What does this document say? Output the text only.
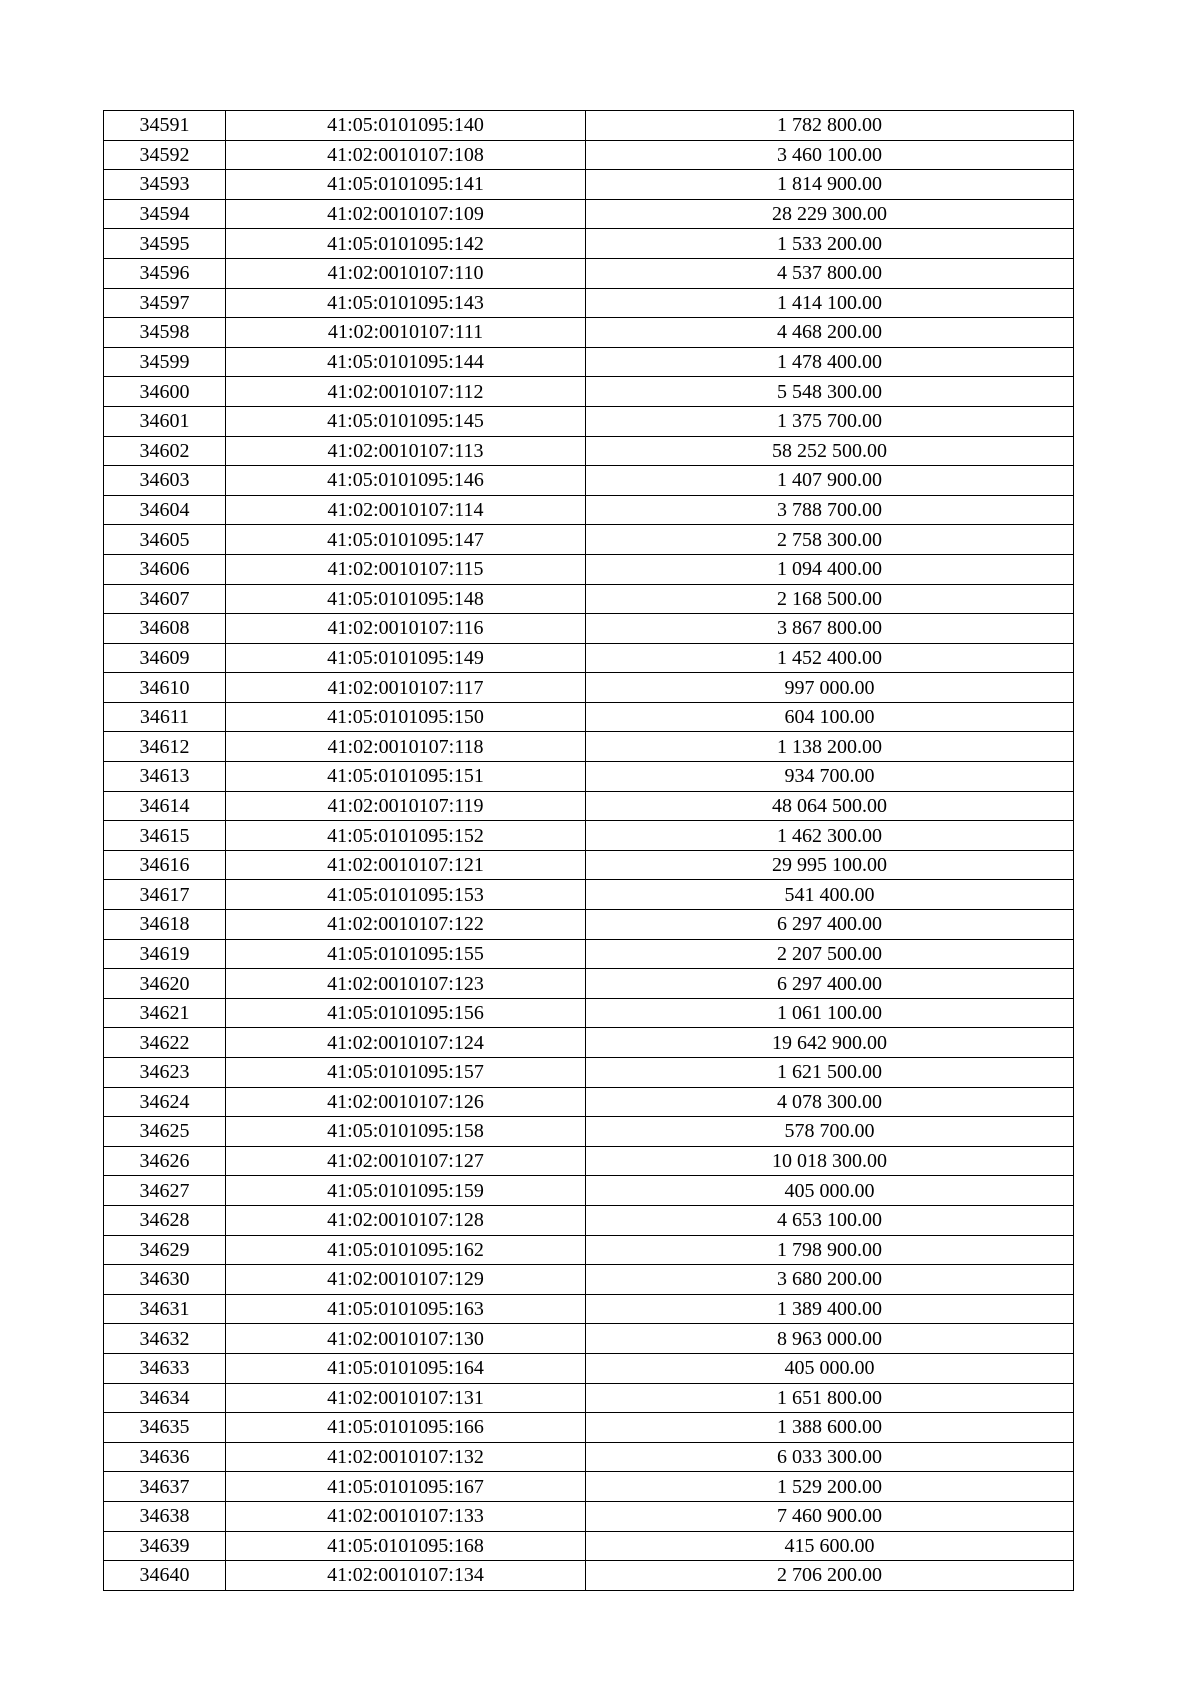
34591	41:05:0101095:140	1 782 800.00
34592	41:02:0010107:108	3 460 100.00
34593	41:05:0101095:141	1 814 900.00
34594	41:02:0010107:109	28 229 300.00
34595	41:05:0101095:142	1 533 200.00
34596	41:02:0010107:110	4 537 800.00
34597	41:05:0101095:143	1 414 100.00
34598	41:02:0010107:111	4 468 200.00
34599	41:05:0101095:144	1 478 400.00
34600	41:02:0010107:112	5 548 300.00
34601	41:05:0101095:145	1 375 700.00
34602	41:02:0010107:113	58 252 500.00
34603	41:05:0101095:146	1 407 900.00
34604	41:02:0010107:114	3 788 700.00
34605	41:05:0101095:147	2 758 300.00
34606	41:02:0010107:115	1 094 400.00
34607	41:05:0101095:148	2 168 500.00
34608	41:02:0010107:116	3 867 800.00
34609	41:05:0101095:149	1 452 400.00
34610	41:02:0010107:117	997 000.00
34611	41:05:0101095:150	604 100.00
34612	41:02:0010107:118	1 138 200.00
34613	41:05:0101095:151	934 700.00
34614	41:02:0010107:119	48 064 500.00
34615	41:05:0101095:152	1 462 300.00
34616	41:02:0010107:121	29 995 100.00
34617	41:05:0101095:153	541 400.00
34618	41:02:0010107:122	6 297 400.00
34619	41:05:0101095:155	2 207 500.00
34620	41:02:0010107:123	6 297 400.00
34621	41:05:0101095:156	1 061 100.00
34622	41:02:0010107:124	19 642 900.00
34623	41:05:0101095:157	1 621 500.00
34624	41:02:0010107:126	4 078 300.00
34625	41:05:0101095:158	578 700.00
34626	41:02:0010107:127	10 018 300.00
34627	41:05:0101095:159	405 000.00
34628	41:02:0010107:128	4 653 100.00
34629	41:05:0101095:162	1 798 900.00
34630	41:02:0010107:129	3 680 200.00
34631	41:05:0101095:163	1 389 400.00
34632	41:02:0010107:130	8 963 000.00
34633	41:05:0101095:164	405 000.00
34634	41:02:0010107:131	1 651 800.00
34635	41:05:0101095:166	1 388 600.00
34636	41:02:0010107:132	6 033 300.00
34637	41:05:0101095:167	1 529 200.00
34638	41:02:0010107:133	7 460 900.00
34639	41:05:0101095:168	415 600.00
34640	41:02:0010107:134	2 706 200.00
